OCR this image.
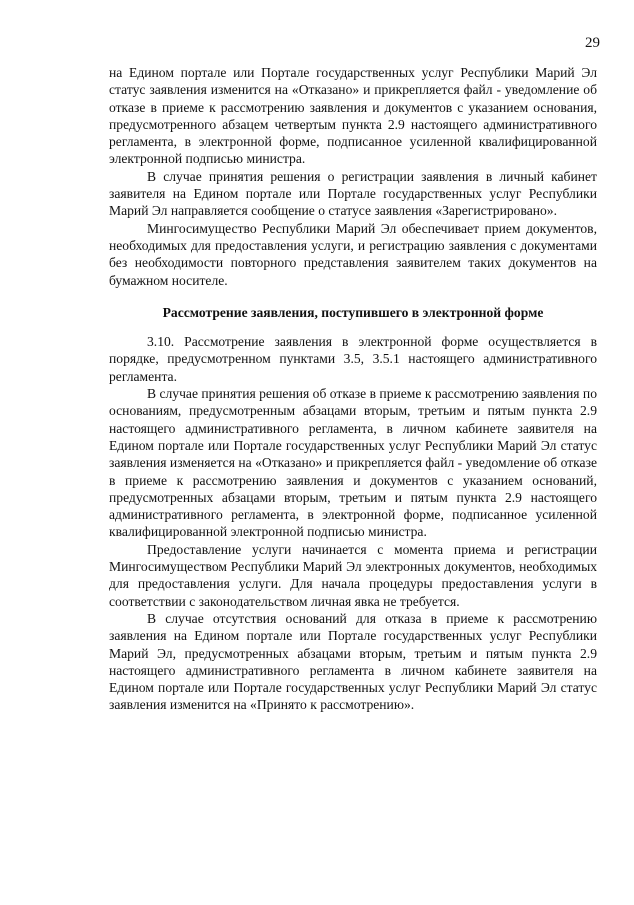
29

на Едином портале или Портале государственных услуг Республики Марий Эл статус заявления изменится на «Отказано» и прикрепляется файл - уведомление об отказе в приеме к рассмотрению заявления и документов с указанием основания, предусмотренного абзацем четвертым пункта 2.9 настоящего административного регламента, в электронной форме, подписанное усиленной квалифицированной электронной подписью министра.

В случае принятия решения о регистрации заявления в личный кабинет заявителя на Едином портале или Портале государственных услуг Республики Марий Эл направляется сообщение о статусе заявления «Зарегистрировано».

Мингосимущество Республики Марий Эл обеспечивает прием документов, необходимых для предоставления услуги, и регистрацию заявления с документами без необходимости повторного представления заявителем таких документов на бумажном носителе.

Рассмотрение заявления, поступившего в электронной форме

3.10. Рассмотрение заявления в электронной форме осуществляется в порядке, предусмотренном пунктами 3.5, 3.5.1 настоящего административного регламента.

В случае принятия решения об отказе в приеме к рассмотрению заявления по основаниям, предусмотренным абзацами вторым, третьим и пятым пункта 2.9 настоящего административного регламента, в личном кабинете заявителя на Едином портале или Портале государственных услуг Республики Марий Эл статус заявления изменяется на «Отказано» и прикрепляется файл - уведомление об отказе в приеме к рассмотрению заявления и документов с указанием оснований, предусмотренных абзацами вторым, третьим и пятым пункта 2.9 настоящего административного регламента, в электронной форме, подписанное усиленной квалифицированной электронной подписью министра.

Предоставление услуги начинается с момента приема и регистрации Мингосимуществом Республики Марий Эл электронных документов, необходимых для предоставления услуги. Для начала процедуры предоставления услуги в соответствии с законодательством личная явка не требуется.

В случае отсутствия оснований для отказа в приеме к рассмотрению заявления на Едином портале или Портале государственных услуг Республики Марий Эл, предусмотренных абзацами вторым, третьим и пятым пункта 2.9 настоящего административного регламента в личном кабинете заявителя на Едином портале или Портале государственных услуг Республики Марий Эл статус заявления изменится на «Принято к рассмотрению».
